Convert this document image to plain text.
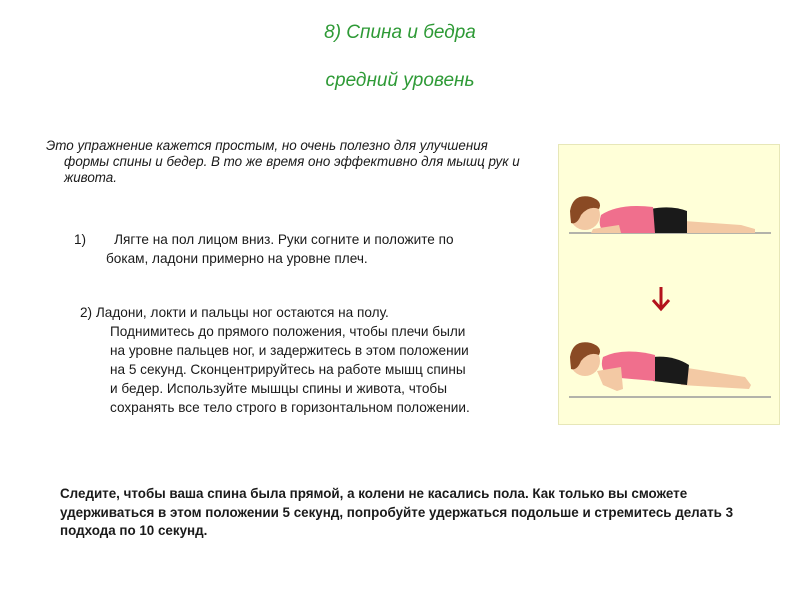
8) Спина и бедра
средний уровень
Это упражнение кажется простым, но очень полезно для улучшения формы спины и бедер. В то же время оно эффективно для мышц рук и живота.
1) Лягте на пол лицом вниз. Руки согните и положите по
бокам, ладони примерно на уровне плеч.
2) Ладони, локти и пальцы ног остаются на полу.
Поднимитесь до прямого положения, чтобы плечи были
на уровне пальцев ног, и задержитесь в этом положении
на 5 секунд. Сконцентрируйтесь на работе мышц спины
и бедер. Используйте мышцы спины и живота, чтобы
сохранять все тело строго в горизонтальном положении.
Следите, чтобы ваша спина была прямой, а колени не касались пола. Как только вы сможете удерживаться в этом положении 5 секунд, попробуйте удержаться подольше и стремитесь делать 3 подхода по 10 секунд.
